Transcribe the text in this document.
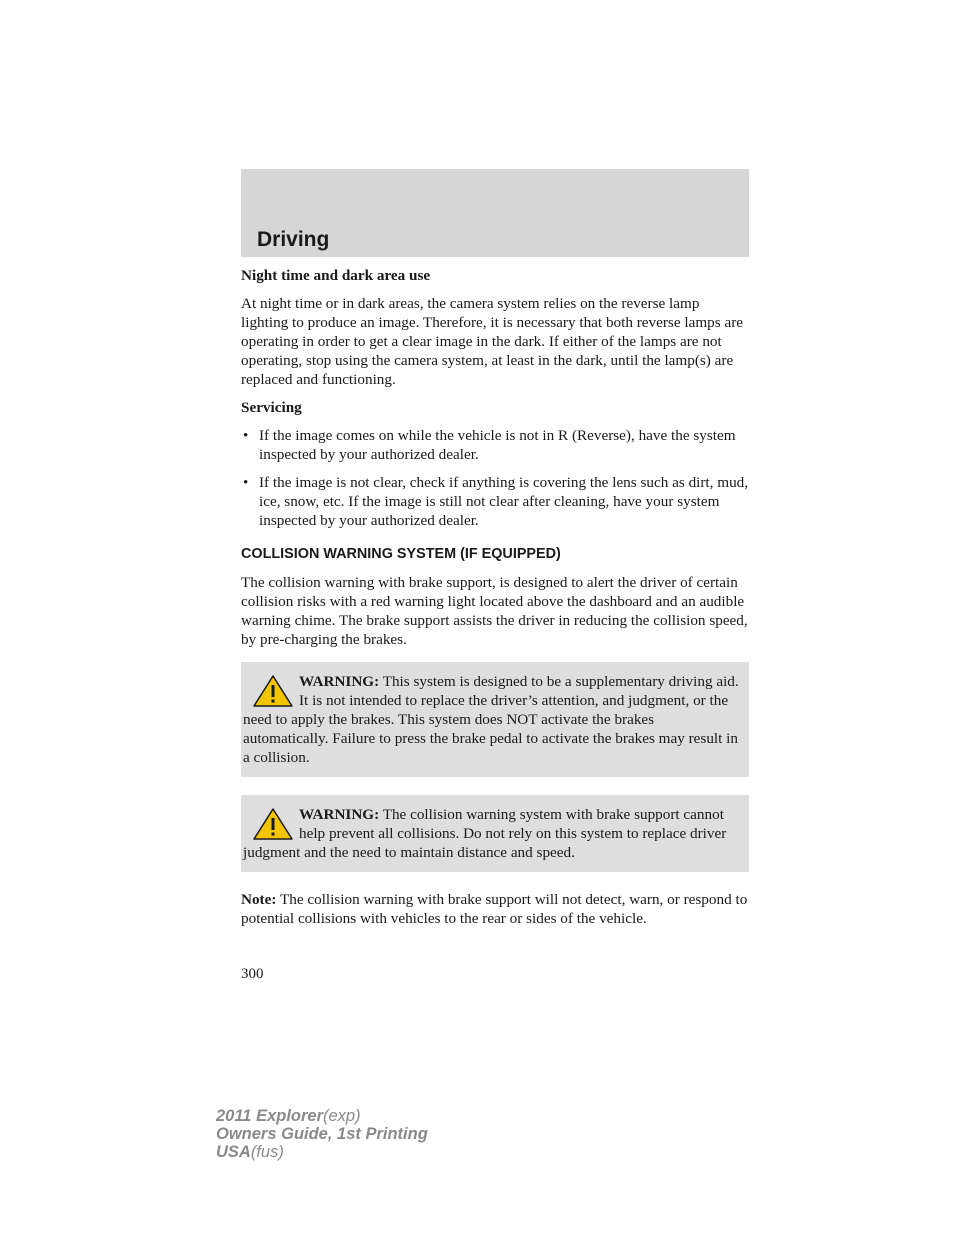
Driving

Night time and dark area use

At night time or in dark areas, the camera system relies on the reverse lamp lighting to produce an image. Therefore, it is necessary that both reverse lamps are operating in order to get a clear image in the dark. If either of the lamps are not operating, stop using the camera system, at least in the dark, until the lamp(s) are replaced and functioning.

Servicing

• If the image comes on while the vehicle is not in R (Reverse), have the system inspected by your authorized dealer.
• If the image is not clear, check if anything is covering the lens such as dirt, mud, ice, snow, etc. If the image is still not clear after cleaning, have your system inspected by your authorized dealer.
COLLISION WARNING SYSTEM (IF EQUIPPED)

The collision warning with brake support, is designed to alert the driver of certain collision risks with a red warning light located above the dashboard and an audible warning chime. The brake support assists the driver in reducing the collision speed, by pre-charging the brakes.

WARNING: This system is designed to be a supplementary driving aid. It is not intended to replace the driver’s attention, and judgment, or the need to apply the brakes. This system does NOT activate the brakes automatically. Failure to press the brake pedal to activate the brakes may result in a collision.
WARNING: The collision warning system with brake support cannot help prevent all collisions. Do not rely on this system to replace driver judgment and the need to maintain distance and speed.

Note: The collision warning with brake support will not detect, warn, or respond to potential collisions with vehicles to the rear or sides of the vehicle.

300
2011 Explorer(exp)
Owners Guide, 1st Printing
USA(fus)
